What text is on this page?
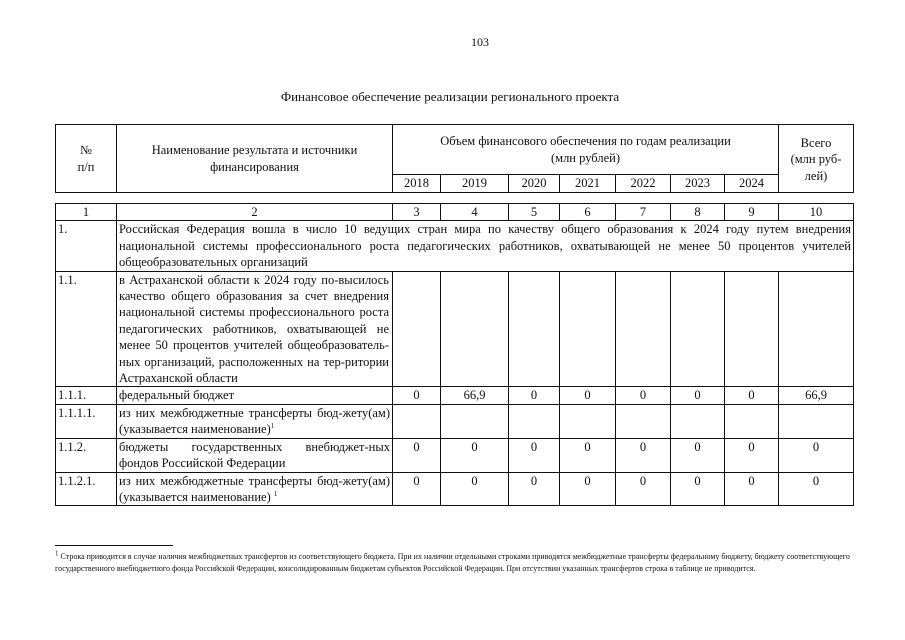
103
Финансовое обеспечение реализации регионального проекта
№
п/п	Наименование результата и источники финансирования	Объем финансового обеспечения по годам реализации (млн рублей)							Всего (млн руб-лей)
		2018	2019	2020	2021	2022	2023	2024	
1	2	3	4	5	6	7	8	9	10
1.	Российская Федерация вошла в число 10 ведущих стран мира по качеству общего образования к 2024 году путем внедрения национальной системы профессионального роста педагогических работников, охватывающей не менее 50 процентов учителей общеобразовательных организаций								
1.1.	в Астраханской области к 2024 году по-высилось качество общего образования за счет внедрения национальной системы профессионального роста педагогических работников, охватывающей не менее 50 процентов учителей общеобразователь-ных организаций, расположенных на тер-ритории Астраханской области								
1.1.1.	федеральный бюджет	0	66,9	0	0	0	0	0	66,9
1.1.1.1.	из них межбюджетные трансферты бюд-жету(ам) (указывается наименование)$^1$								
1.1.2.	бюджеты государственных внебюджет-ных фондов Российской Федерации	0	0	0	0	0	0	0	0
1.1.2.1.	из них межбюджетные трансферты бюд-жету(ам) (указывается наименование) $^1$	0	0	0	0	0	0	0	0
$^1$ Строка приводится в случае наличия межбюджетных трансфертов из соответствующего бюджета. При их наличии отдельными строками приводятся межбюджетные трансферты федеральному бюджету, бюджету соответствующего государственного внебюджетного фонда Российской Федерации, консолидированным бюджетам субъектов Российской Федерации. При отсутствии указанных трансфертов строка в таблице не приводится.
